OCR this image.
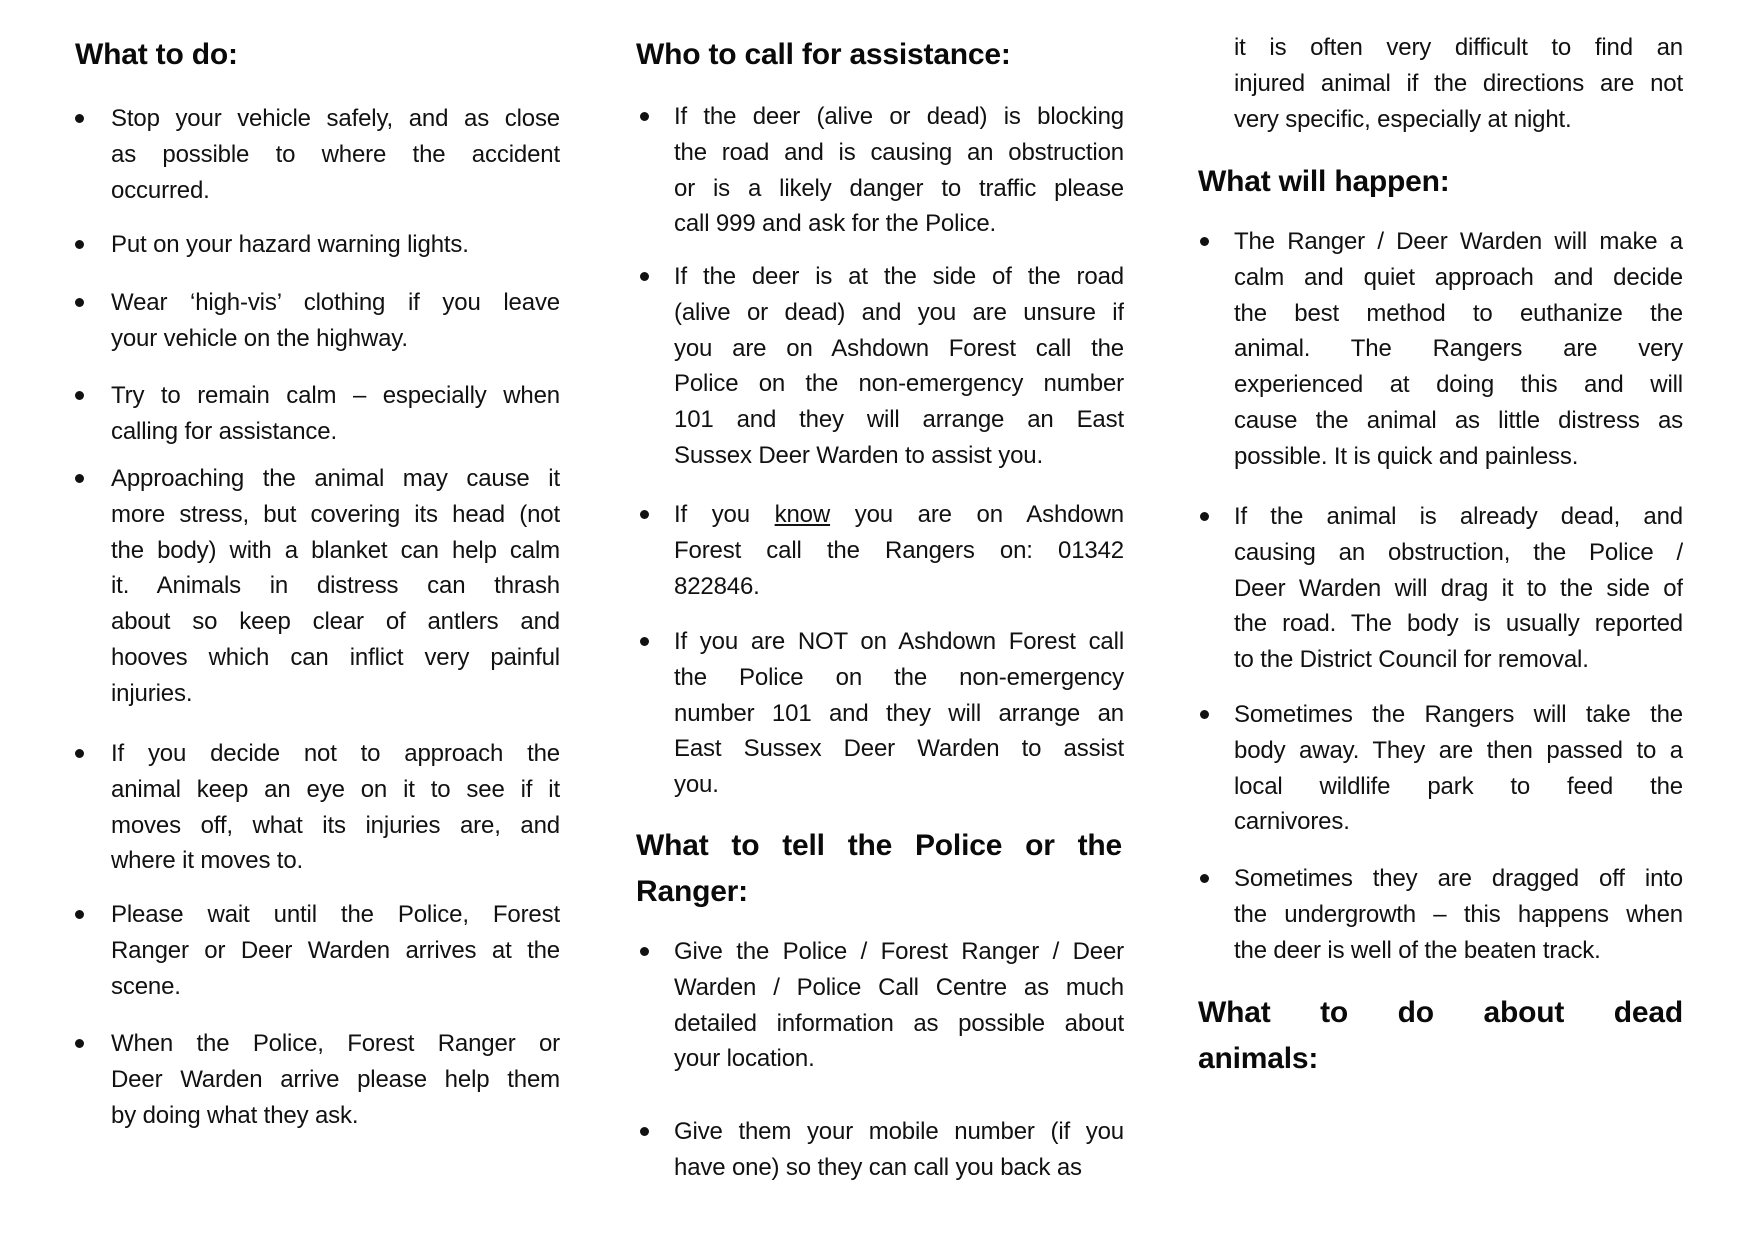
What to do:
Stop your vehicle safely, and as close
as possible to where the accident
occurred.
Put on your hazard warning lights.
Wear ‘high-vis’ clothing if you leave
your vehicle on the highway.
Try to remain calm – especially when
calling for assistance.
Approaching the animal may cause it
more stress, but covering its head (not
the body) with a blanket can help calm
it. Animals in distress can thrash
about so keep clear of antlers and
hooves which can inflict very painful
injuries.
If you decide not to approach the
animal keep an eye on it to see if it
moves off, what its injuries are, and
where it moves to.
Please wait until the Police, Forest
Ranger or Deer Warden arrives at the
scene.
When the Police, Forest Ranger or
Deer Warden arrive please help them
by doing what they ask.
Who to call for assistance:
If the deer (alive or dead) is blocking
the road and is causing an obstruction
or is a likely danger to traffic please
call 999 and ask for the Police.
If the deer is at the side of the road
(alive or dead) and you are unsure if
you are on Ashdown Forest call the
Police on the non-emergency number
101 and they will arrange an East
Sussex Deer Warden to assist you.
If you know you are on Ashdown
Forest call the Rangers on: 01342
822846.
If you are NOT on Ashdown Forest call
the Police on the non-emergency
number 101 and they will arrange an
East Sussex Deer Warden to assist
you.
What to tell the Police or the
Ranger:
Give the Police / Forest Ranger / Deer
Warden / Police Call Centre as much
detailed information as possible about
your location.
Give them your mobile number (if you
have one) so they can call you back as
it is often very difficult to find an
injured animal if the directions are not
very specific, especially at night.
What will happen:
The Ranger / Deer Warden will make a
calm and quiet approach and decide
the best method to euthanize the
animal. The Rangers are very
experienced at doing this and will
cause the animal as little distress as
possible. It is quick and painless.
If the animal is already dead, and
causing an obstruction, the Police /
Deer Warden will drag it to the side of
the road. The body is usually reported
to the District Council for removal.
Sometimes the Rangers will take the
body away. They are then passed to a
local wildlife park to feed the
carnivores.
Sometimes they are dragged off into
the undergrowth – this happens when
the deer is well of the beaten track.
What to do about dead
animals:
